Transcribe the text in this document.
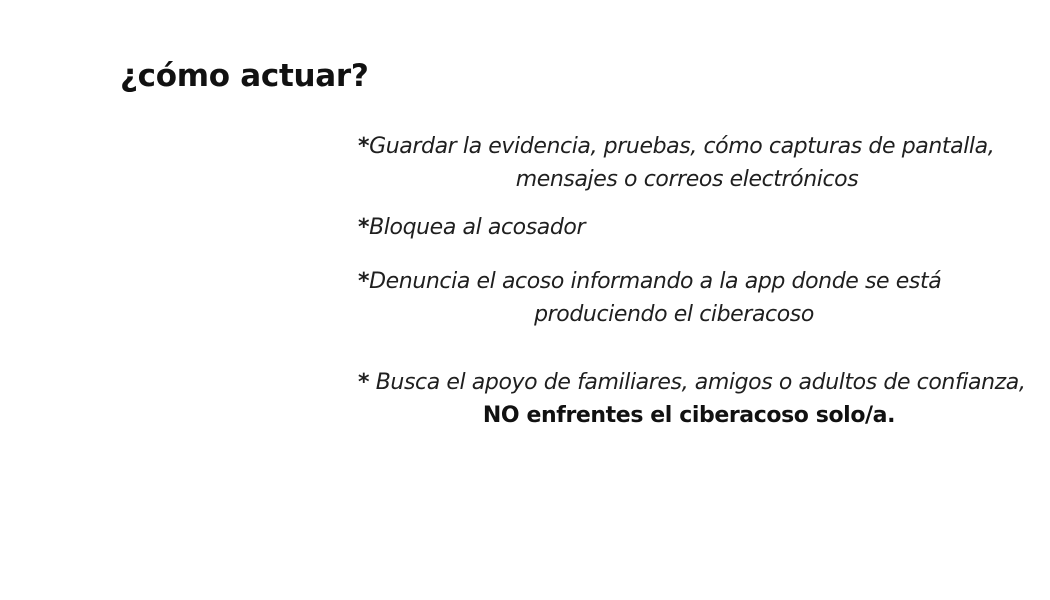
¿cómo actuar?
*Guardar la evidencia, pruebas, cómo capturas de pantalla,
mensajes o correos electrónicos
*Bloquea al acosador
*Denuncia el acoso informando a la app donde se está
produciendo el ciberacoso
* Busca el apoyo de familiares, amigos o adultos de confianza,
NO enfrentes el ciberacoso solo/a.
